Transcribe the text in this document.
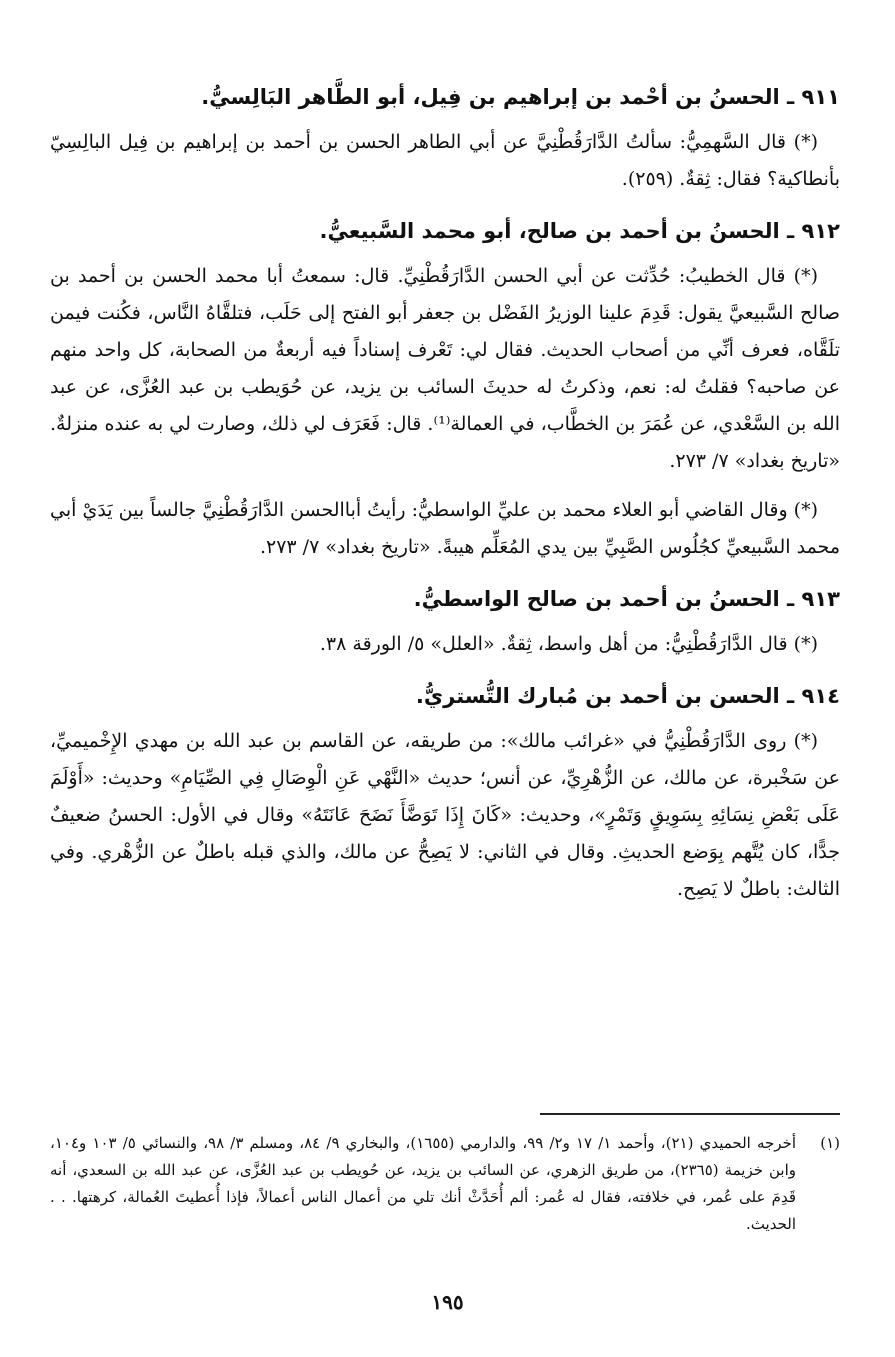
٩١١ ـ الحسنُ بن أحْمد بن إبراهيم بن فِيل، أبو الطَّاهر البَالِسيُّ.

(*) قال السَّهمِيُّ: سألتُ الدَّارَقُطْنِيَّ عن أبي الطاهر الحسن بن أحمد بن إبراهيم بن فِيل البالِسِيّ بأنطاكية؟ فقال: ثِقةٌ. (٢٥٩).

٩١٢ ـ الحسنُ بن أحمد بن صالح، أبو محمد السَّبيعيُّ.

(*) قال الخطيبُ: حُدِّثت عن أبي الحسن الدَّارَقُطْنِيِّ. قال: سمعتُ أبا محمد الحسن بن أحمد بن صالح السَّبيعيَّ يقول: قَدِمَ علينا الوزيرُ الفَضْل بن جعفر أبو الفتح إلى حَلَب، فتلقَّاهُ النَّاس، فكُنت فيمن تلَقَّاه، فعرف أنِّي من أصحاب الحديث. فقال لي: تَعْرف إسناداً فيه أربعةٌ من الصحابة، كل واحد منهم عن صاحبه؟ فقلتُ له: نعم، وذكرتُ له حديثَ السائب بن يزيد، عن حُوَيطب بن عبد العُزَّى، عن عبد الله بن السَّعْدي، عن عُمَرَ بن الخطَّاب، في العمالة⁽¹⁾. قال: فَعَرَف لي ذلك، وصارت لي به عنده منزلةٌ. «تاريخ بغداد» ٧/ ٢٧٣.

(*) وقال القاضي أبو العلاء محمد بن عليِّ الواسطيُّ: رأيتُ أباالحسن الدَّارَقُطْنِيَّ جالساً بين يَدَيْ أبي محمد السَّبيعيِّ كجُلُوس الصَّبِيِّ بين يدي المُعَلِّم هيبةً. «تاريخ بغداد» ٧/ ٢٧٣.

٩١٣ ـ الحسنُ بن أحمد بن صالح الواسطيُّ.

(*) قال الدَّارَقُطْنِيُّ: من أهل واسط، ثِقةٌ. «العلل» ٥/ الورقة ٣٨.

٩١٤ ـ الحسن بن أحمد بن مُبارك التُّستريُّ.

(*) روى الدَّارَقُطْنِيُّ في «غرائب مالك»: من طريقه، عن القاسم بن عبد الله بن مهدي الإِخْميميِّ، عن سَخْبرة، عن مالك، عن الزُّهْرِيِّ، عن أنس؛ حديث «النَّهْي عَنِ الْوِصَالِ فِي الصِّيَامِ» وحديث: «أَوْلَمَ عَلَى بَعْضِ نِسَائِهِ بِسَوِيقٍ وَتَمْرٍ»، وحديث: «كَانَ إِذَا تَوَضَّأَ نَضَحَ عَانَتَهُ» وقال في الأول: الحسنُ ضعيفٌ جدًّا، كان يُتَّهم بِوَضع الحديثِ. وقال في الثاني: لا يَصِحُّ عن مالك، والذي قبله باطلٌ عن الزُّهْري. وفي الثالث: باطلٌ لا يَصِح.

(١)
أخرجه الحميدي (٢١)، وأحمد ١/ ١٧ و٢/ ٩٩، والدارمي (١٦٥٥)، والبخاري ٩/ ٨٤، ومسلم ٣/ ٩٨، والنسائي ٥/ ١٠٣ و١٠٤، وابن خزيمة (٢٣٦٥)، من طريق الزهري، عن السائب بن يزيد، عن حُويطب بن عبد العُزَّى، عن عبد الله بن السعدي، أنه قَدِمَ على عُمر، في خلافته، فقال له عُمر: ألم أُحَدَّثْ أنك تلي من أعمال الناس أعمالاً، فإذا أُعطيتَ العُمالة، كرهتها. . . الحديث.
١٩٥
